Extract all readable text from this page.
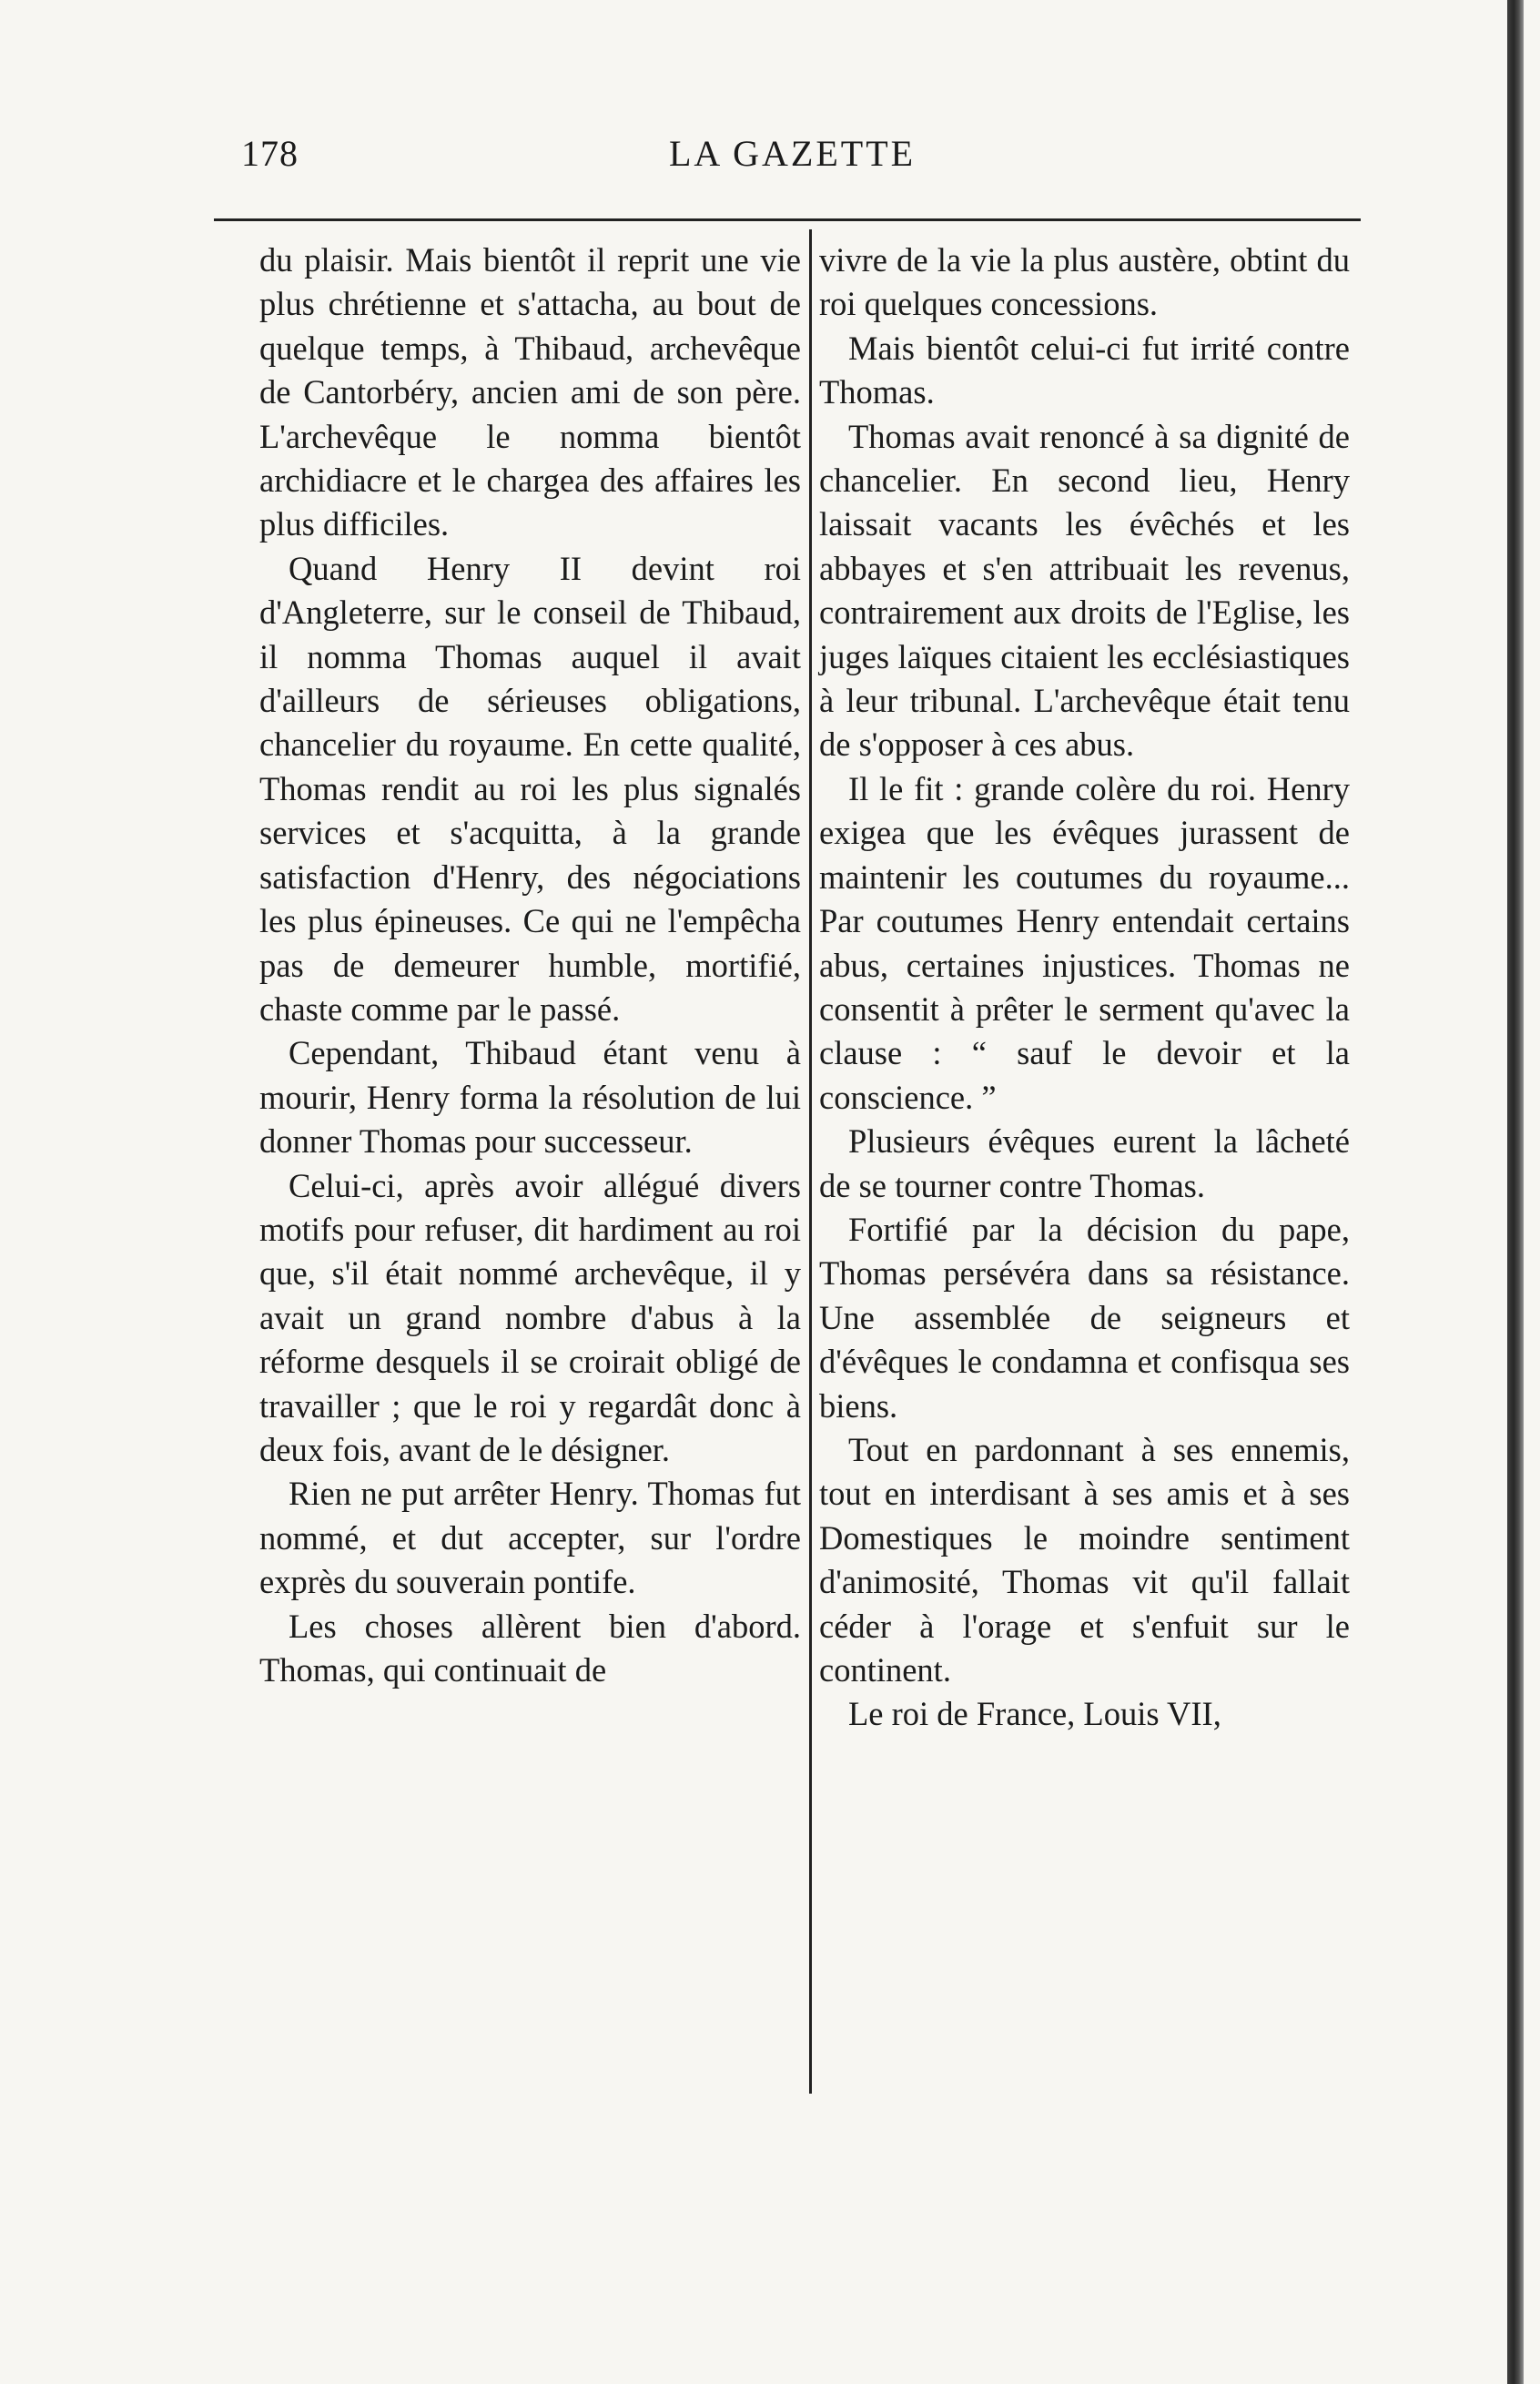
178	LA GAZETTE

du plaisir. Mais bientôt il reprit une vie plus chrétienne et s'attacha, au bout de quelque temps, à Thibaud, archevêque de Cantorbéry, ancien ami de son père. L'archevêque le nomma bientôt archidiacre et le chargea des affaires les plus difficiles.

Quand Henry II devint roi d'Angleterre, sur le conseil de Thibaud, il nomma Thomas auquel il avait d'ailleurs de sérieuses obligations, chancelier du royaume. En cette qualité, Thomas rendit au roi les plus signalés services et s'acquitta, à la grande satisfaction d'Henry, des négociations les plus épineuses. Ce qui ne l'empêcha pas de demeurer humble, mortifié, chaste comme par le passé.

Cependant, Thibaud étant venu à mourir, Henry forma la résolution de lui donner Thomas pour successeur.

Celui-ci, après avoir allégué divers motifs pour refuser, dit hardiment au roi que, s'il était nommé archevêque, il y avait un grand nombre d'abus à la réforme desquels il se croirait obligé de travailler ; que le roi y regardât donc à deux fois, avant de le désigner.

Rien ne put arrêter Henry. Thomas fut nommé, et dut accepter, sur l'ordre exprès du souverain pontife.

Les choses allèrent bien d'abord. Thomas, qui continuait de

vivre de la vie la plus austère, obtint du roi quelques concessions.

Mais bientôt celui-ci fut irrité contre Thomas.

Thomas avait renoncé à sa dignité de chancelier. En second lieu, Henry laissait vacants les évêchés et les abbayes et s'en attribuait les revenus, contrairement aux droits de l'Eglise, les juges laïques citaient les ecclésiastiques à leur tribunal. L'archevêque était tenu de s'opposer à ces abus.

Il le fit : grande colère du roi. Henry exigea que les évêques jurassent de maintenir les coutumes du royaume... Par coutumes Henry entendait certains abus, certaines injustices. Thomas ne consentit à prêter le serment qu'avec la clause : “ sauf le devoir et la conscience. ”

Plusieurs évêques eurent la lâcheté de se tourner contre Thomas.

Fortifié par la décision du pape, Thomas persévéra dans sa résistance. Une assemblée de seigneurs et d'évêques le condamna et confisqua ses biens.

Tout en pardonnant à ses ennemis, tout en interdisant à ses amis et à ses Domestiques le moindre sentiment d'animosité, Thomas vit qu'il fallait céder à l'orage et s'enfuit sur le continent.

Le roi de France, Louis VII,
